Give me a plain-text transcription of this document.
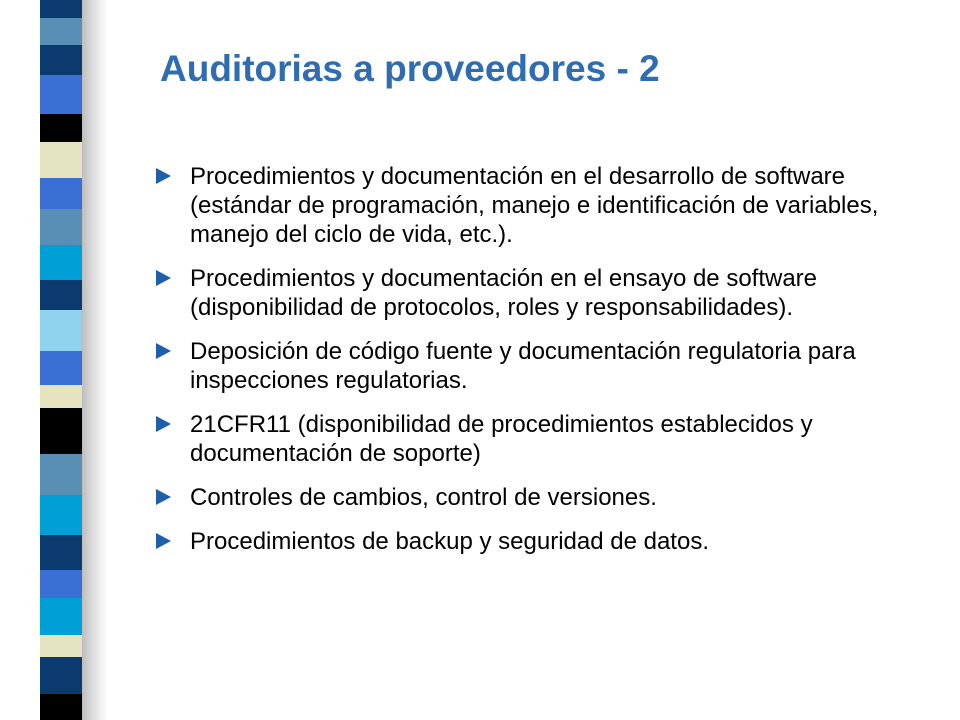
Auditorias a proveedores - 2
Procedimientos y documentación en el desarrollo de software (estándar de programación, manejo e identificación de variables, manejo del ciclo de vida, etc.).
Procedimientos y documentación en el ensayo de software (disponibilidad de protocolos, roles y responsabilidades).
Deposición de código fuente y documentación regulatoria para inspecciones regulatorias.
21CFR11 (disponibilidad de procedimientos establecidos y documentación de soporte)
Controles de cambios, control de versiones.
Procedimientos de backup y seguridad de datos.
